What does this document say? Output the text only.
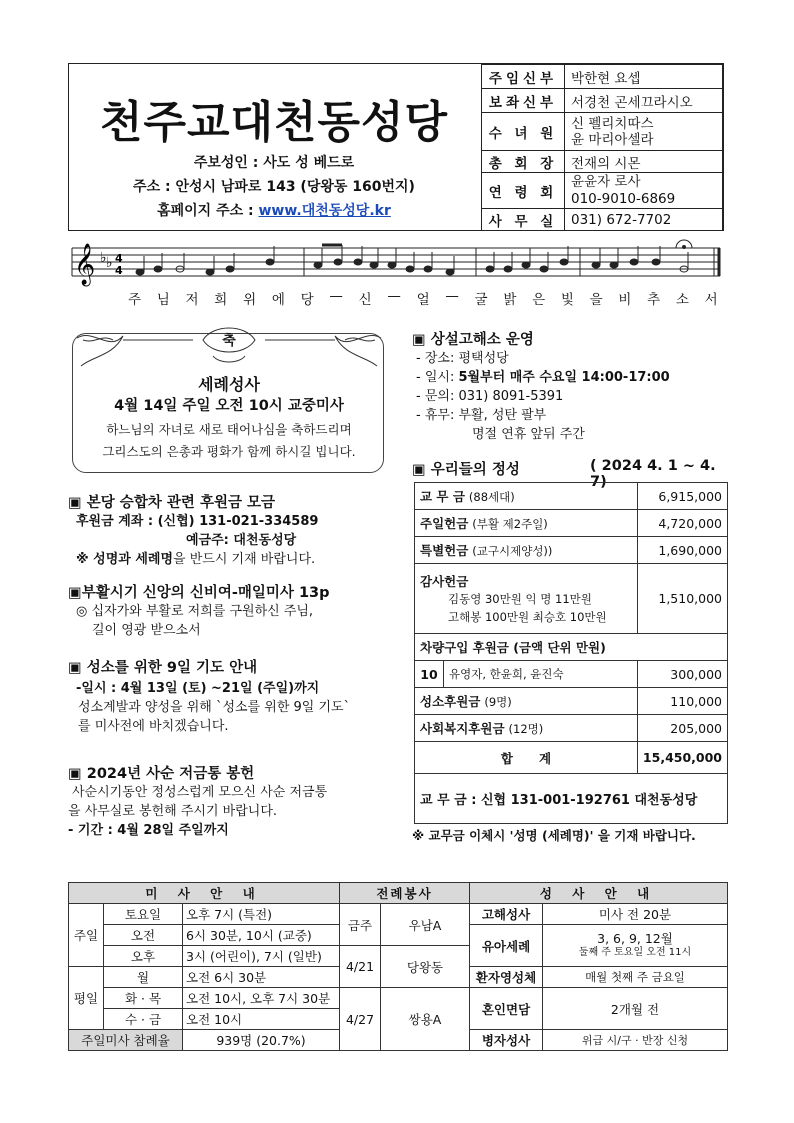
천주교대천동성당
주보성인 : 사도 성 베드로
주소 : 안성시 남파로 143 (당왕동 160번지)
홈페이지 주소 : www.대천동성당.kr
주임신부	박한현 요셉
보좌신부	서경천 곤세끄라시오
수 녀 원	신 펠리치따스
윤 마리아셀라

총 회 장	전재의 시몬
연 령 회	윤윤자 로사
010-9010-6869

사 무 실	031) 672-7702
𝄞 ♭ ♭ 4
4
주 님 저 희 위 에 당 — 신 — 얼 — 굴 밝 은 빛 을 비 추 소 서
축
세례성사
4월 14일 주일 오전 10시 교중미사
하느님의 자녀로 새로 태어나심을 축하드리며
그리스도의 은총과 평화가 함께 하시길 빕니다.
▣ 본당 승합차 관련 후원금 모금
후원금 계좌 : (신협) 131-021-334589
예금주: 대천동성당
※ 성명과 세례명을 반드시 기재 바랍니다.
▣부활시기 신앙의 신비여-매일미사 13p
◎ 십자가와 부활로 저희를 구원하신 주님,
길이 영광 받으소서
▣ 성소를 위한 9일 기도 안내
-일시 : 4월 13일 (토) ~21일 (주일)까지
성소계발과 양성을 위해 `성소를 위한 9일 기도`
를 미사전에 바치겠습니다.
▣ 2024년 사순 저금통 봉헌
사순시기동안 정성스럽게 모으신 사순 저금통
을 사무실로 봉헌해 주시기 바랍니다.
- 기간 : 4월 28일 주일까지
▣ 상설고해소 운영
- 장소: 평택성당
- 일시: 5월부터 매주 수요일 14:00-17:00
- 문의: 031) 8091-5391
- 휴무: 부활, 성탄 팔부
명절 연휴 앞뒤 주간
▣ 우리들의 정성	( 2024 4. 1 ~ 4. 7)
교 무 금 (88세대)		6,915,000
주일헌금 (부활 제2주일)		4,720,000
특별헌금 (교구시제양성))		1,690,000

감사헌금
김동영 30만원 익 명 11만원
고해봉 100만원 최승호 10만원		1,510,000
차량구입 후원금 (금액 단위 만원)		
10	유영자, 한윤희, 윤진숙	300,000
성소후원금 (9명)		110,000
사회복지후원금 (12명)		205,000
합      계		15,450,000
교 무 금 : 신협 131-001-192761 대천동성당		
※ 교무금 이체시 '성명 (세례명)' 을 기재 바랍니다.
미 사 안 내			전례봉사		성 사 안 내	
주일	토요일	오후 7시 (특전)	금주	우남A	고해성사	미사 전 20분
	오전	6시 30분, 10시 (교중)			유아세례	3, 6, 9, 12월
둘째 주 토요일 오전 11시

	오후	3시 (어린이), 7시 (일반)	4/21	당왕동		
평일	월	오전 6시 30분			환자영성체	매월 첫째 주 금요일
	화 · 목	오전 10시, 오후 7시 30분	4/27	쌍용A	혼인면담	2개월 전
	수 · 금	오전 10시				
주일미사 참례율		939명 (20.7%)			병자성사	위급 시/구 · 반장 신청
